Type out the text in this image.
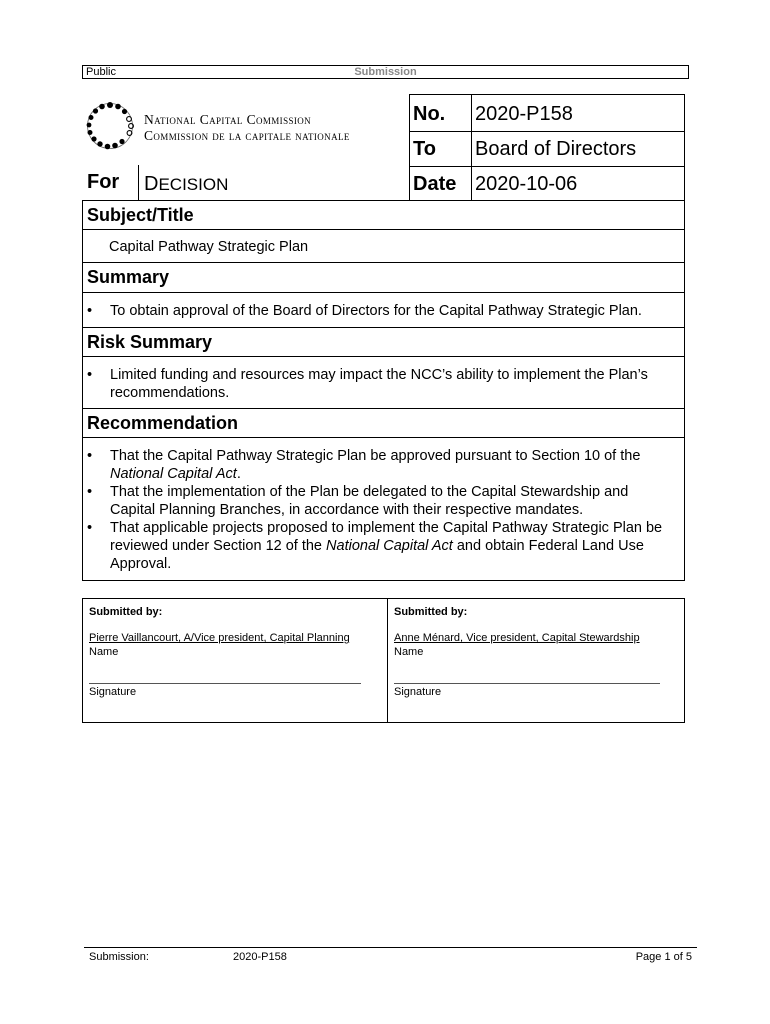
Public	Submission
National Capital Commission
Commission de la capitale nationale
No. 2020-P158
To Board of Directors
Date 2020-10-06
For DECISION
Subject/Title
Capital Pathway Strategic Plan
Summary
• To obtain approval of the Board of Directors for the Capital Pathway Strategic Plan.
Risk Summary
• Limited funding and resources may impact the NCC’s ability to implement the Plan’s recommendations.
Recommendation
• That the Capital Pathway Strategic Plan be approved pursuant to Section 10 of the National Capital Act.
• That the implementation of the Plan be delegated to the Capital Stewardship and Capital Planning Branches, in accordance with their respective mandates.
• That applicable projects proposed to implement the Capital Pathway Strategic Plan be reviewed under Section 12 of the National Capital Act and obtain Federal Land Use Approval.
Submitted by:
Pierre Vaillancourt, A/Vice president, Capital Planning
Name
Signature
Submitted by:
Anne Ménard, Vice president, Capital Stewardship
Name
Signature
Submission:	2020-P158	Page 1 of 5
